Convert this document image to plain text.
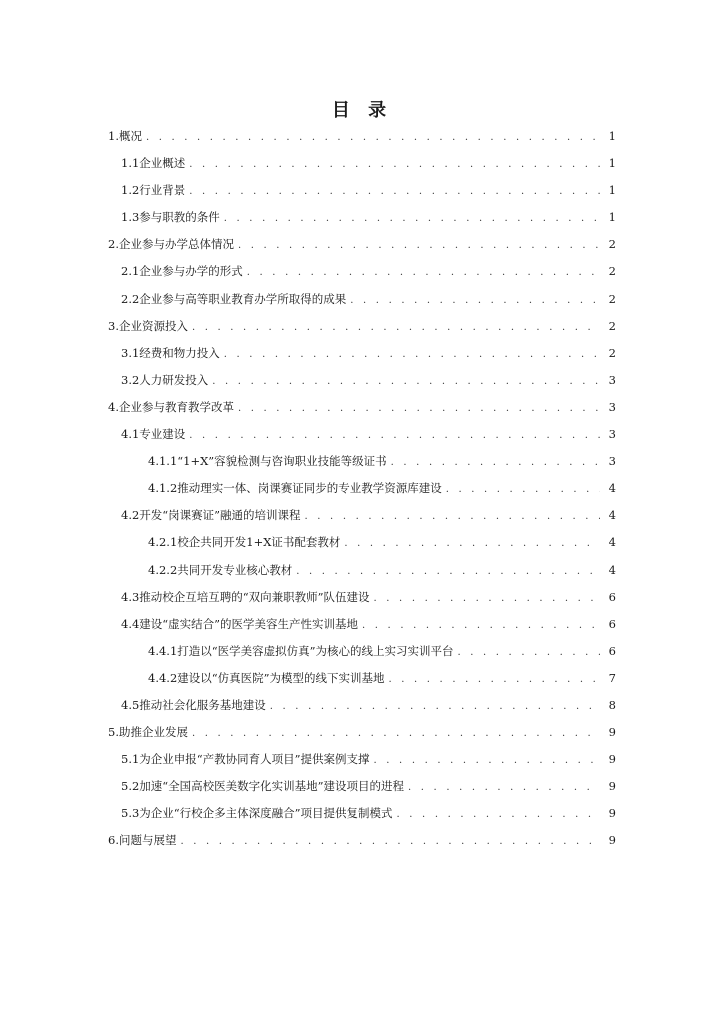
目 录
1.概况 . . .	1
1.1企业概述 . . .	1
1.2行业背景 . . .	1
1.3参与职教的条件 . . .	1
2.企业参与办学总体情况 . . .	2
2.1企业参与办学的形式 . . .	2
2.2企业参与高等职业教育办学所取得的成果 . . .	2
3.企业资源投入 . . .	2
3.1经费和物力投入 . . .	2
3.2人力研发投入 . . .	3
4.企业参与教育教学改革 . . .	3
4.1专业建设 . . .	3
4.1.1“1+X”容貌检测与咨询职业技能等级证书 . . .	3
4.1.2推动理实一体、岗课赛证同步的专业教学资源库建设 . . .	4
4.2开发“岗课赛证”融通的培训课程 . . .	4
4.2.1校企共同开发1+X证书配套教材 . . .	4
4.2.2共同开发专业核心教材 . . .	4
4.3推动校企互培互聘的“双向兼职教师”队伍建设 . . .	6
4.4建设“虚实结合”的医学美容生产性实训基地 . . .	6
4.4.1打造以“医学美容虚拟仿真”为核心的线上实习实训平台 . . .	6
4.4.2建设以“仿真医院”为模型的线下实训基地 . . .	7
4.5推动社会化服务基地建设 . . .	8
5.助推企业发展 . . .	9
5.1为企业申报“产教协同育人项目”提供案例支撑 . . .	9
5.2加速“全国高校医美数字化实训基地”建设项目的进程 . . .	9
5.3为企业“行校企多主体深度融合”项目提供复制模式 . . .	9
6.问题与展望 . . .	9
